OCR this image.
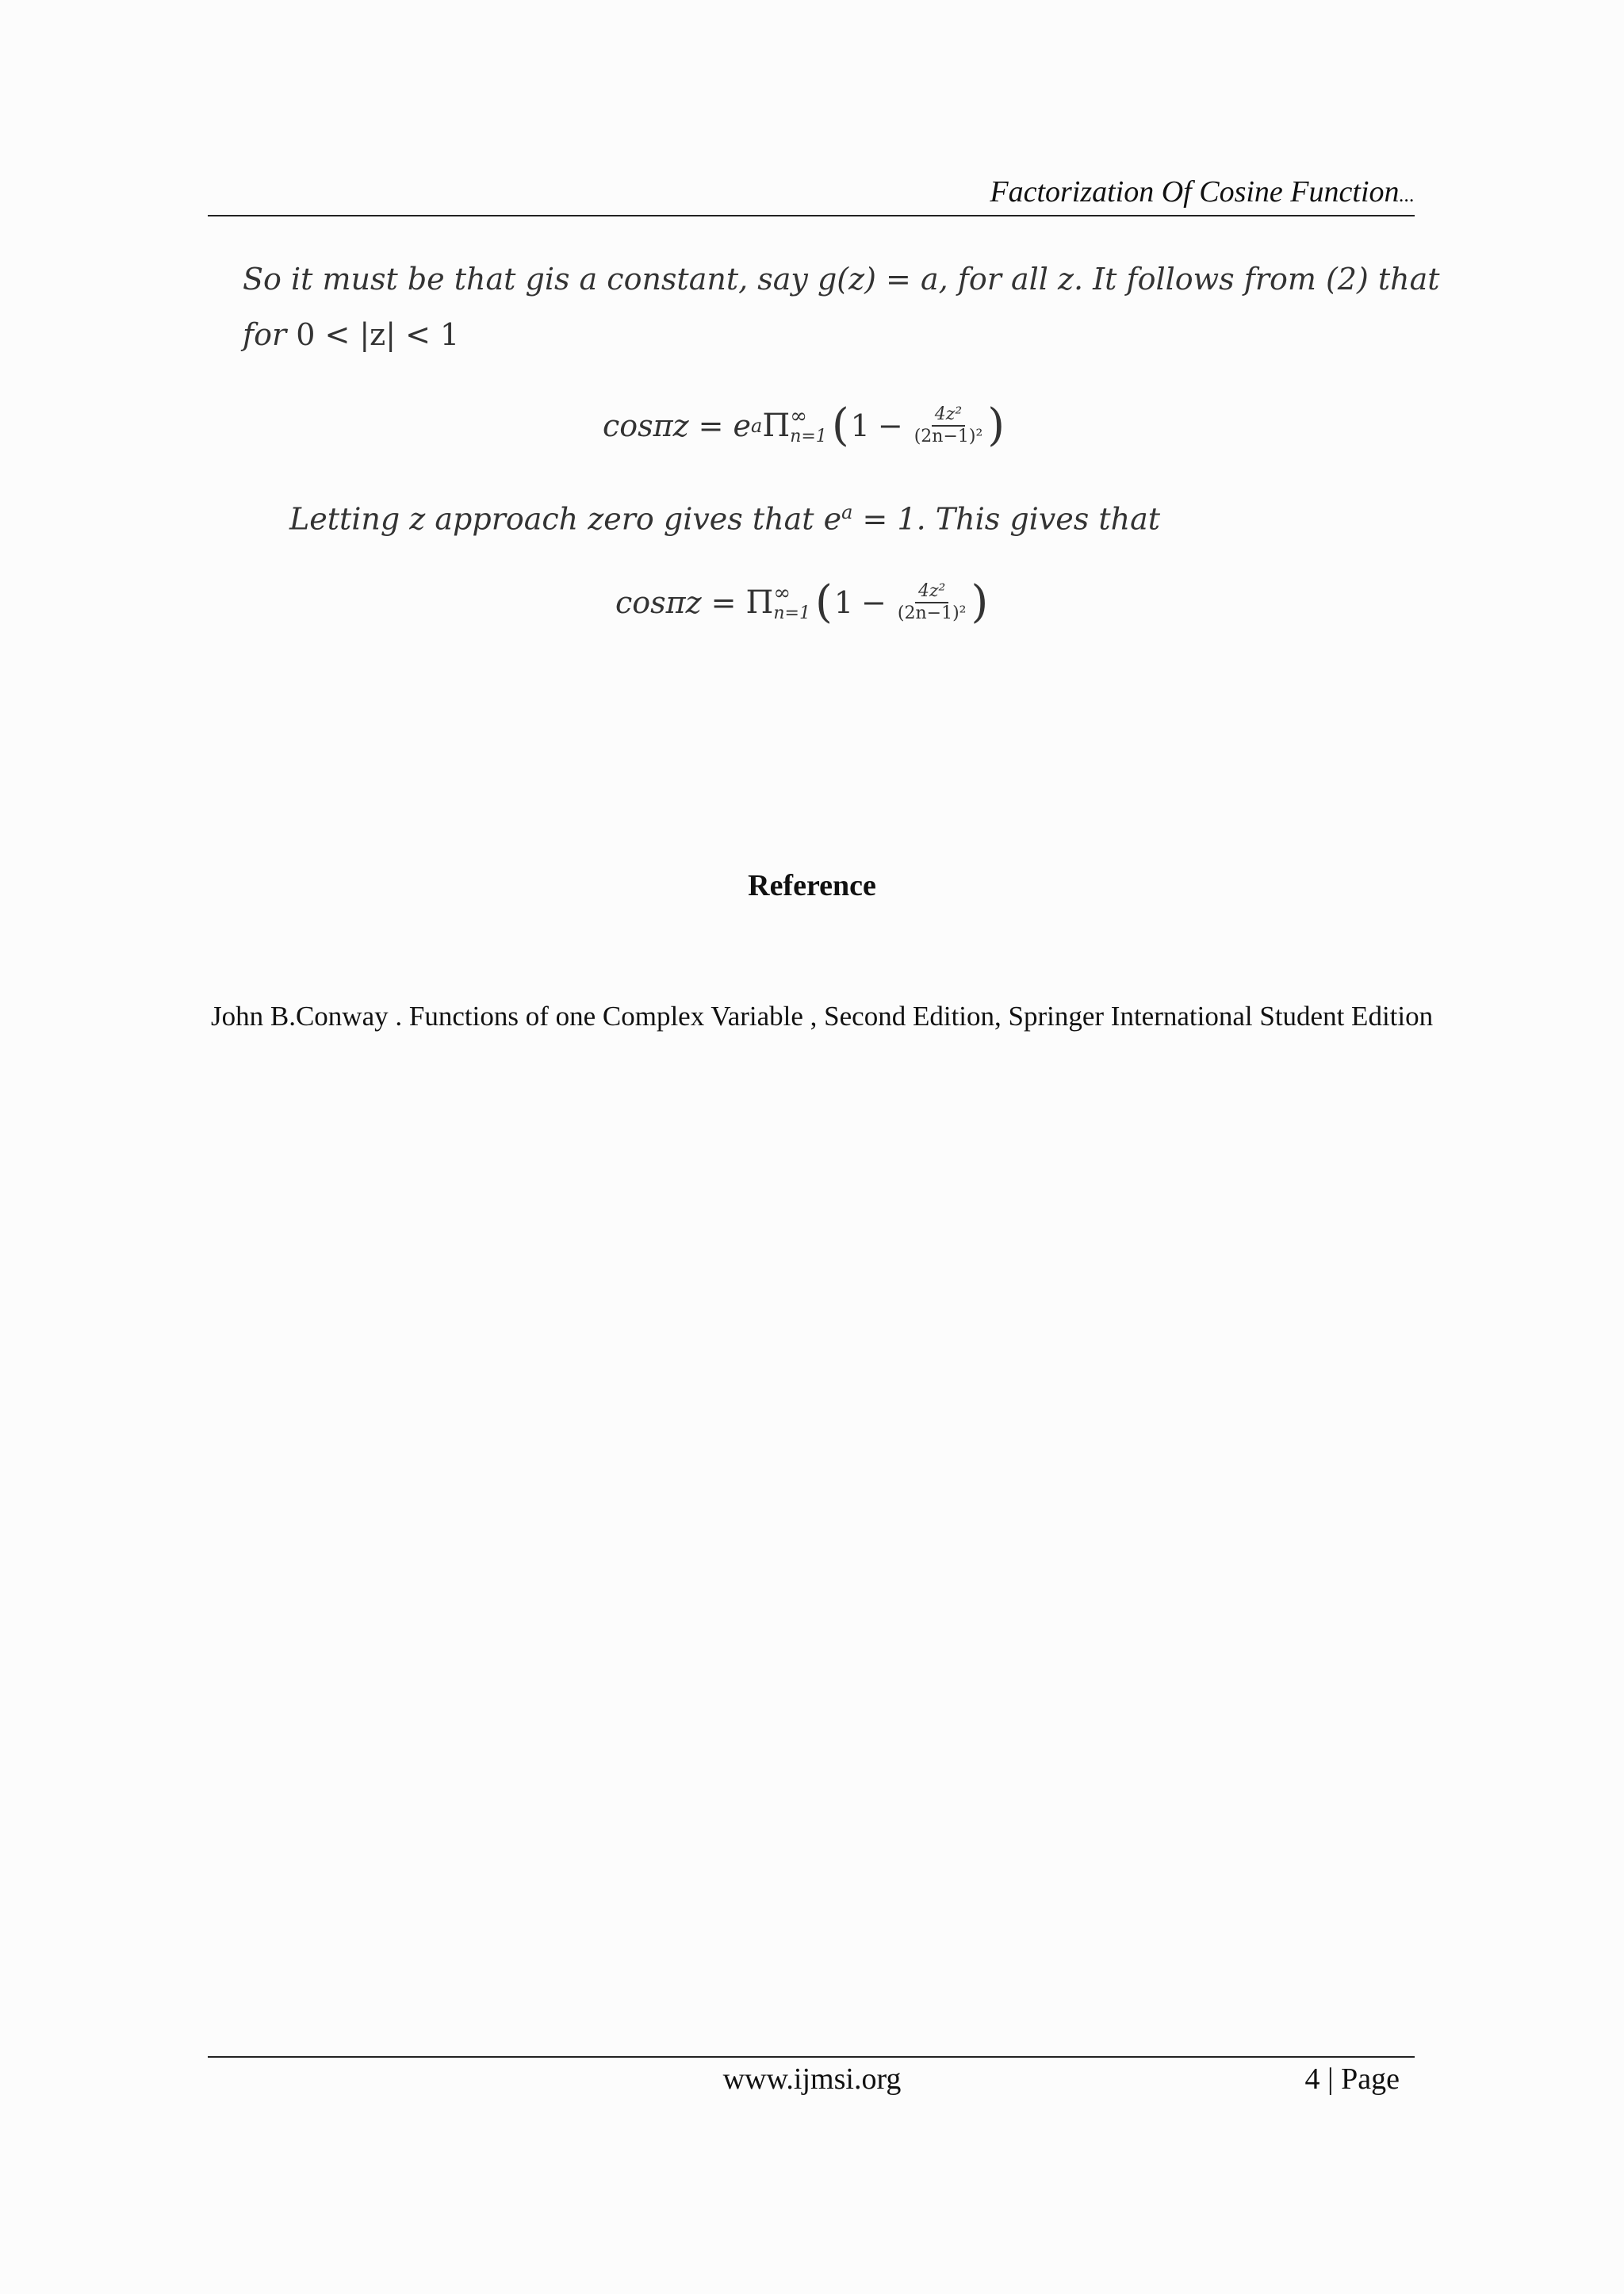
Factorization Of Cosine Function...
So it must be that gis a constant, say g(z) = a, for all z. It follows from (2) that
for 0 < |z| < 1
cosπz = e a Π ∞
n=1 ( $1 - \frac{\text{4z²}}{\text{(2n−1)²}}$ )
Letting z approach zero gives that $e^a = 1$. This gives that
cosπz = Π ∞
n=1 ( $1 - \frac{\text{4z²}}{\text{(2n−1)²}}$ )
Reference
John B.Conway . Functions of one Complex Variable , Second Edition, Springer International Student Edition
www.ijmsi.org	4 | Page
